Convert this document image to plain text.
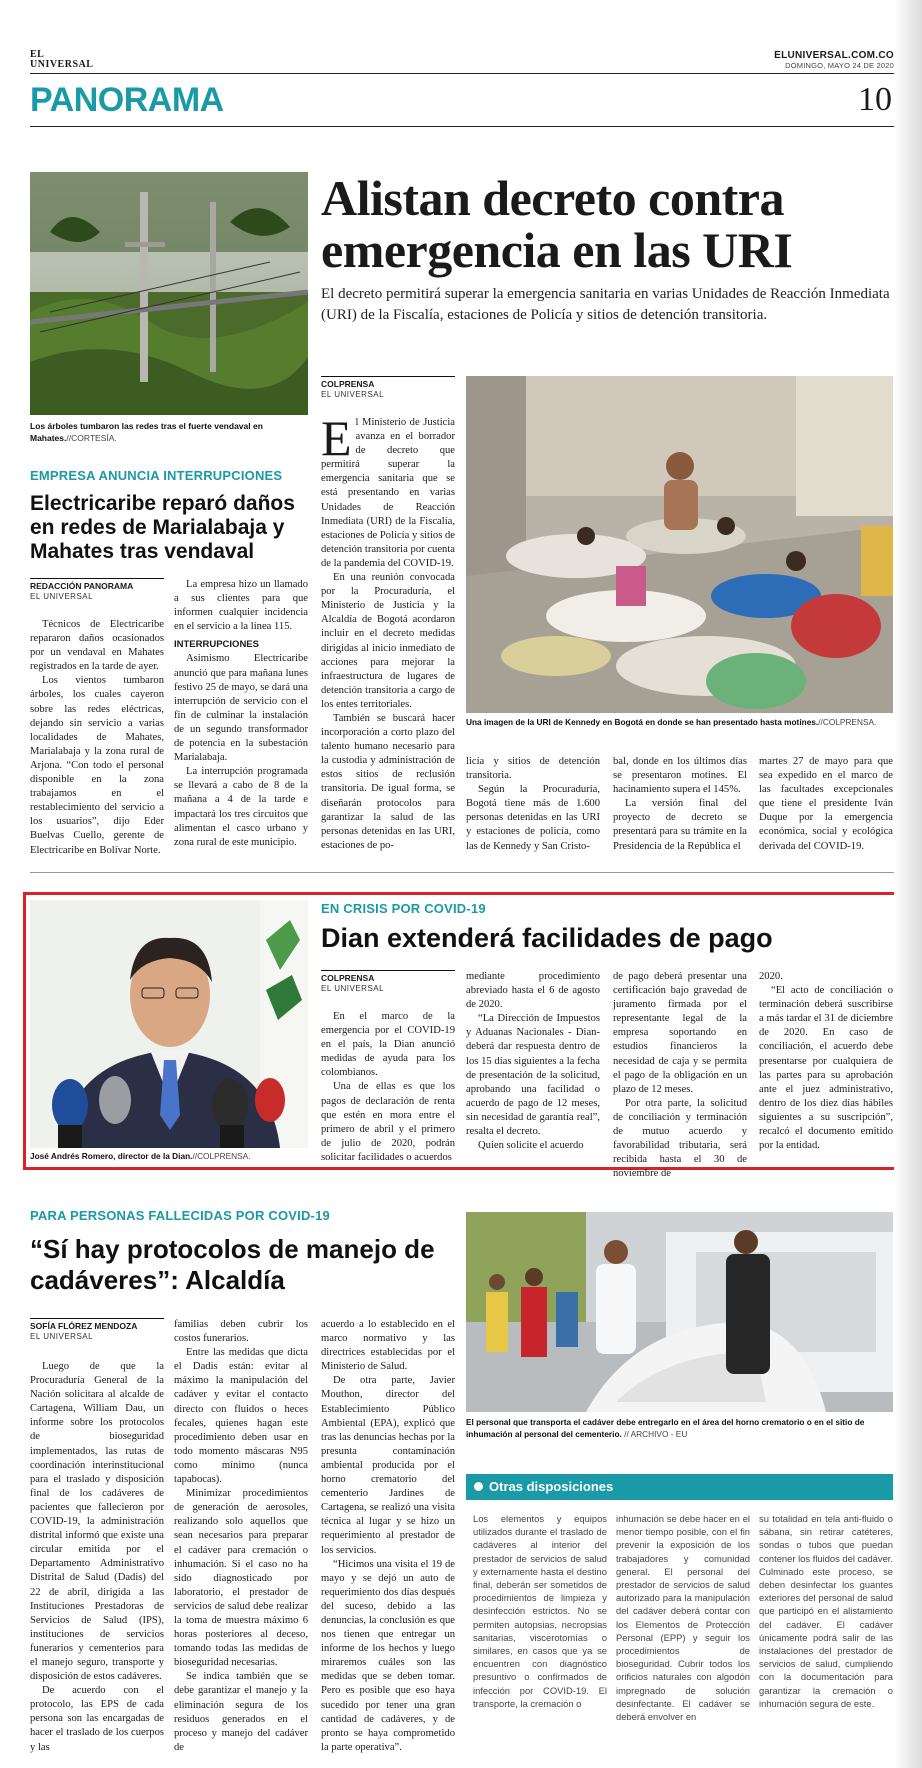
EL
UNIVERSAL
ELUNIVERSAL.COM.CO
DOMINGO, MAYO 24 DE 2020
PANORAMA	10
Los árboles tumbaron las redes tras el fuerte vendaval en Mahates.//CORTESÍA.
Alistan decreto contra emergencia en las URI
El decreto permitirá superar la emergencia sanitaria en varias Unidades de Reacción Inmediata (URI) de la Fiscalía, estaciones de Policía y sitios de detención transitoria.
COLPRENSA
EL UNIVERSAL

El Ministerio de Justicia avanza en el borrador de decreto que permitirá superar la emergencia sanitaria que se está presentando en varias Unidades de Reacción Inmediata (URI) de la Fiscalía, estaciones de Policía y sitios de detención transitoria por cuenta de la pandemia del COVID-19.

En una reunión convocada por la Procuraduría, el Ministerio de Justicia y la Alcaldía de Bogotá acordaron incluir en el decreto medidas dirigidas al inicio inmediato de acciones para mejorar la infraestructura de lugares de detención transitoria a cargo de los entes territoriales.

También se buscará hacer incorporación a corto plazo del talento humano necesario para la custodia y administración de estos sitios de reclusión transitoria. De igual forma, se diseñarán protocolos para garantizar la salud de las personas detenidas en las URI, estaciones de po-

Una imagen de la URI de Kennedy en Bogotá en donde se han presentado hasta motines.//COLPRENSA.

licía y sitios de detención transitoria.

Según la Procuraduría, Bogotá tiene más de 1.600 personas detenidas en las URI y estaciones de policía, como las de Kennedy y San Cristo-

bal, donde en los últimos días se presentaron motines. El hacinamiento supera el 145%.

La versión final del proyecto de decreto se presentará para su trámite en la Presidencia de la República el

martes 27 de mayo para que sea expedido en el marco de las facultades excepcionales que tiene el presidente Iván Duque por la emergencia económica, social y ecológica derivada del COVID-19.

EMPRESA ANUNCIA INTERRUPCIONES
Electricaribe reparó daños en redes de Marialabaja y Mahates tras vendaval
REDACCIÓN PANORAMA
EL UNIVERSAL

Técnicos de Electricaribe repararon daños ocasionados por un vendaval en Mahates registrados en la tarde de ayer.

Los vientos tumbaron árboles, los cuales cayeron sobre las redes eléctricas, dejando sin servicio a varias localidades de Mahates, Marialabaja y la zona rural de Arjona. “Con todo el personal disponible en la zona trabajamos en el restablecimiento del servicio a los usuarios”, dijo Eder Buelvas Cuello, gerente de Electricaribe en Bolívar Norte.

La empresa hizo un llamado a sus clientes para que informen cualquier incidencia en el servicio a la línea 115.

INTERRUPCIONES

Asimismo Electricaribe anunció que para mañana lunes festivo 25 de mayo, se dará una interrupción de servicio con el fin de culminar la instalación de un segundo transformador de potencia en la subestación Marialabaja.

La interrupción programada se llevará a cabo de 8 de la mañana a 4 de la tarde e impactará los tres circuitos que alimentan el casco urbano y zona rural de este municipio.

José Andrés Romero, director de la Dian.//COLPRENSA.
EN CRISIS POR COVID-19
Dian extenderá facilidades de pago
COLPRENSA
EL UNIVERSAL

En el marco de la emergencia por el COVID-19 en el país, la Dian anunció medidas de ayuda para los colombianos.

Una de ellas es que los pagos de declaración de renta que estén en mora entre el primero de abril y el primero de julio de 2020, podrán solicitar facilidades o acuerdos

mediante procedimiento abreviado hasta el 6 de agosto de 2020.

“La Dirección de Impuestos y Aduanas Nacionales - Dian- deberá dar respuesta dentro de los 15 días siguientes a la fecha de presentación de la solicitud, aprobando una facilidad o acuerdo de pago de 12 meses, sin necesidad de garantía real”, resalta el decreto.

Quien solicite el acuerdo

de pago deberá presentar una certificación bajo gravedad de juramento firmada por el representante legal de la empresa soportando en estudios financieros la necesidad de caja y se permita el pago de la obligación en un plazo de 12 meses.

Por otra parte, la solicitud de conciliación y terminación de mutuo acuerdo y favorabilidad tributaria, será recibida hasta el 30 de noviembre de

2020.

“El acto de conciliación o terminación deberá suscribirse a más tardar el 31 de diciembre de 2020. En caso de conciliación, el acuerdo debe presentarse por cualquiera de las partes para su aprobación ante el juez administrativo, dentro de los diez días hábiles siguientes a su suscripción”, recalcó el documento emitido por la entidad.

PARA PERSONAS FALLECIDAS POR COVID-19
“Sí hay protocolos de manejo de cadáveres”: Alcaldía
SOFÍA FLÓREZ MENDOZA
EL UNIVERSAL

Luego de que la Procuraduría General de la Nación solicitara al alcalde de Cartagena, William Dau, un informe sobre los protocolos de bioseguridad implementados, las rutas de coordinación interinstitucional para el traslado y disposición final de los cadáveres de pacientes que fallecieron por COVID-19, la administración distrital informó que existe una circular emitida por el Departamento Administrativo Distrital de Salud (Dadis) del 22 de abril, dirigida a las Instituciones Prestadoras de Servicios de Salud (IPS), instituciones de servicios funerarios y cementerios para el manejo seguro, transporte y disposición de estos cadáveres.

De acuerdo con el protocolo, las EPS de cada persona son las encargadas de hacer el traslado de los cuerpos y las

familias deben cubrir los costos funerarios.

Entre las medidas que dicta el Dadis están: evitar al máximo la manipulación del cadáver y evitar el contacto directo con fluidos o heces fecales, quienes hagan este procedimiento deben usar en todo momento máscaras N95 como mínimo (nunca tapabocas).

Minimizar procedimientos de generación de aerosoles, realizando solo aquellos que sean necesarios para preparar el cadáver para cremación o inhumación. Si el caso no ha sido diagnosticado por laboratorio, el prestador de servicios de salud debe realizar la toma de muestra máximo 6 horas posteriores al deceso, tomando todas las medidas de bioseguridad necesarias.

Se indica también que se debe garantizar el manejo y la eliminación segura de los residuos generados en el proceso y manejo del cadáver de

acuerdo a lo establecido en el marco normativo y las directrices establecidas por el Ministerio de Salud.

De otra parte, Javier Mouthon, director del Establecimiento Público Ambiental (EPA), explicó que tras las denuncias hechas por la presunta contaminación ambiental producida por el horno crematorio del cementerio Jardines de Cartagena, se realizó una visita técnica al lugar y se hizo un requerimiento al prestador de los servicios.

“Hicimos una visita el 19 de mayo y se dejó un auto de requerimiento dos días después del suceso, debido a las denuncias, la conclusión es que nos tienen que entregar un informe de los hechos y luego miraremos cuáles son las medidas que se deben tomar. Pero es posible que eso haya sucedido por tener una gran cantidad de cadáveres, y de pronto se haya comprometido la parte operativa”.

El personal que transporta el cadáver debe entregarlo en el área del horno crematorio o en el sitio de inhumación al personal del cementerio. // ARCHIVO - EU
Otras disposiciones
Los elementos y equipos utilizados durante el traslado de cadáveres al interior del prestador de servicios de salud y externamente hasta el destino final, deberán ser sometidos de procedimientos de limpieza y desinfección estrictos. No se permiten autopsias, necropsias sanitarias, viscerotomías o similares, en casos que ya se encuentren con diagnóstico presuntivo o confirmados de infección por COVID-19. El transporte, la cremación o
inhumación se debe hacer en el menor tiempo posible, con el fin prevenir la exposición de los trabajadores y comunidad general. El personal del prestador de servicios de salud autorizado para la manipulación del cadáver deberá contar con los Elementos de Protección Personal (EPP) y seguir los procedimientos de bioseguridad. Cubrir todos los orificios naturales con algodón impregnado de solución desinfectante. El cadáver se deberá envolver en
su totalidad en tela anti-fluido o sábana, sin retirar catéteres, sondas o tubos que puedan contener los fluidos del cadáver. Culminado este proceso, se deben desinfectar los guantes exteriores del personal de salud que participó en el alistamiento del cadáver. El cadáver únicamente podrá salir de las instalaciones del prestador de servicios de salud, cumpliendo con la documentación para garantizar la cremación o inhumación segura de este.
